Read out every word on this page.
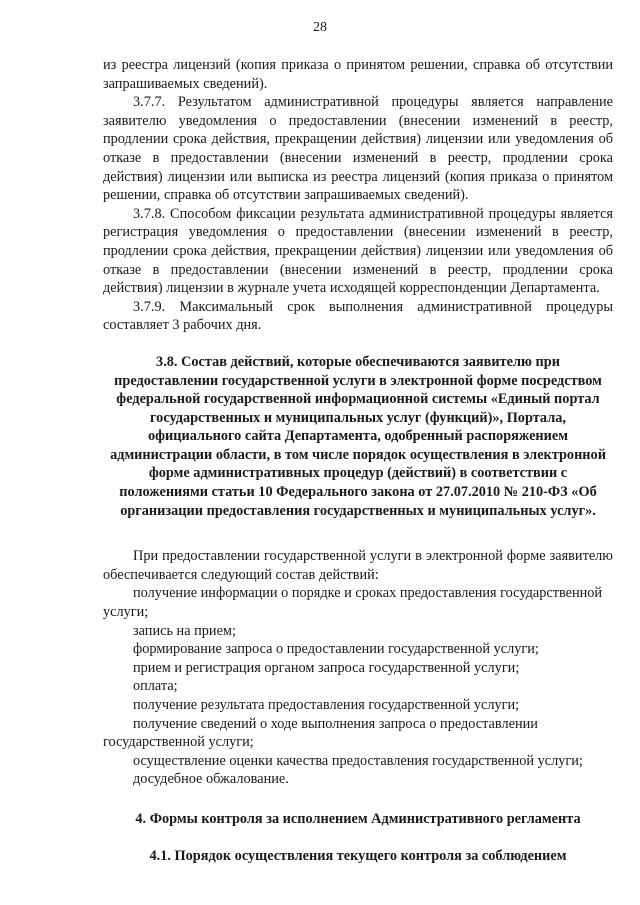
28

из реестра лицензий (копия приказа о принятом решении, справка об отсутствии запрашиваемых сведений).

3.7.7. Результатом административной процедуры является направление заявителю уведомления о предоставлении (внесении изменений в реестр, продлении срока действия, прекращении действия) лицензии или уведомления об отказе в предоставлении (внесении изменений в реестр, продлении срока действия) лицензии или выписка из реестра лицензий (копия приказа о принятом решении, справка об отсутствии запрашиваемых сведений).

3.7.8. Способом фиксации результата административной процедуры является регистрация уведомления о предоставлении (внесении изменений в реестр, продлении срока действия, прекращении действия) лицензии или уведомления об отказе в предоставлении (внесении изменений в реестр, продлении срока действия) лицензии в журнале учета исходящей корреспонденции Департамента.

3.7.9. Максимальный срок выполнения административной процедуры составляет 3 рабочих дня.

3.8. Состав действий, которые обеспечиваются заявителю при предоставлении государственной услуги в электронной форме посредством федеральной государственной информационной системы «Единый портал государственных и муниципальных услуг (функций)», Портала, официального сайта Департамента, одобренный распоряжением администрации области, в том числе порядок осуществления в электронной форме административных процедур (действий) в соответствии с положениями статьи 10 Федерального закона от 27.07.2010 № 210-ФЗ «Об организации предоставления государственных и муниципальных услуг».

При предоставлении государственной услуги в электронной форме заявителю обеспечивается следующий состав действий:

получение информации о порядке и сроках предоставления государственной услуги;

запись на прием;

формирование запроса о предоставлении государственной услуги;

прием и регистрация органом запроса государственной услуги;

оплата;

получение результата предоставления государственной услуги;

получение сведений о ходе выполнения запроса о предоставлении государственной услуги;

осуществление оценки качества предоставления государственной услуги;

досудебное обжалование.

4. Формы контроля за исполнением Административного регламента

4.1. Порядок осуществления текущего контроля за соблюдением
